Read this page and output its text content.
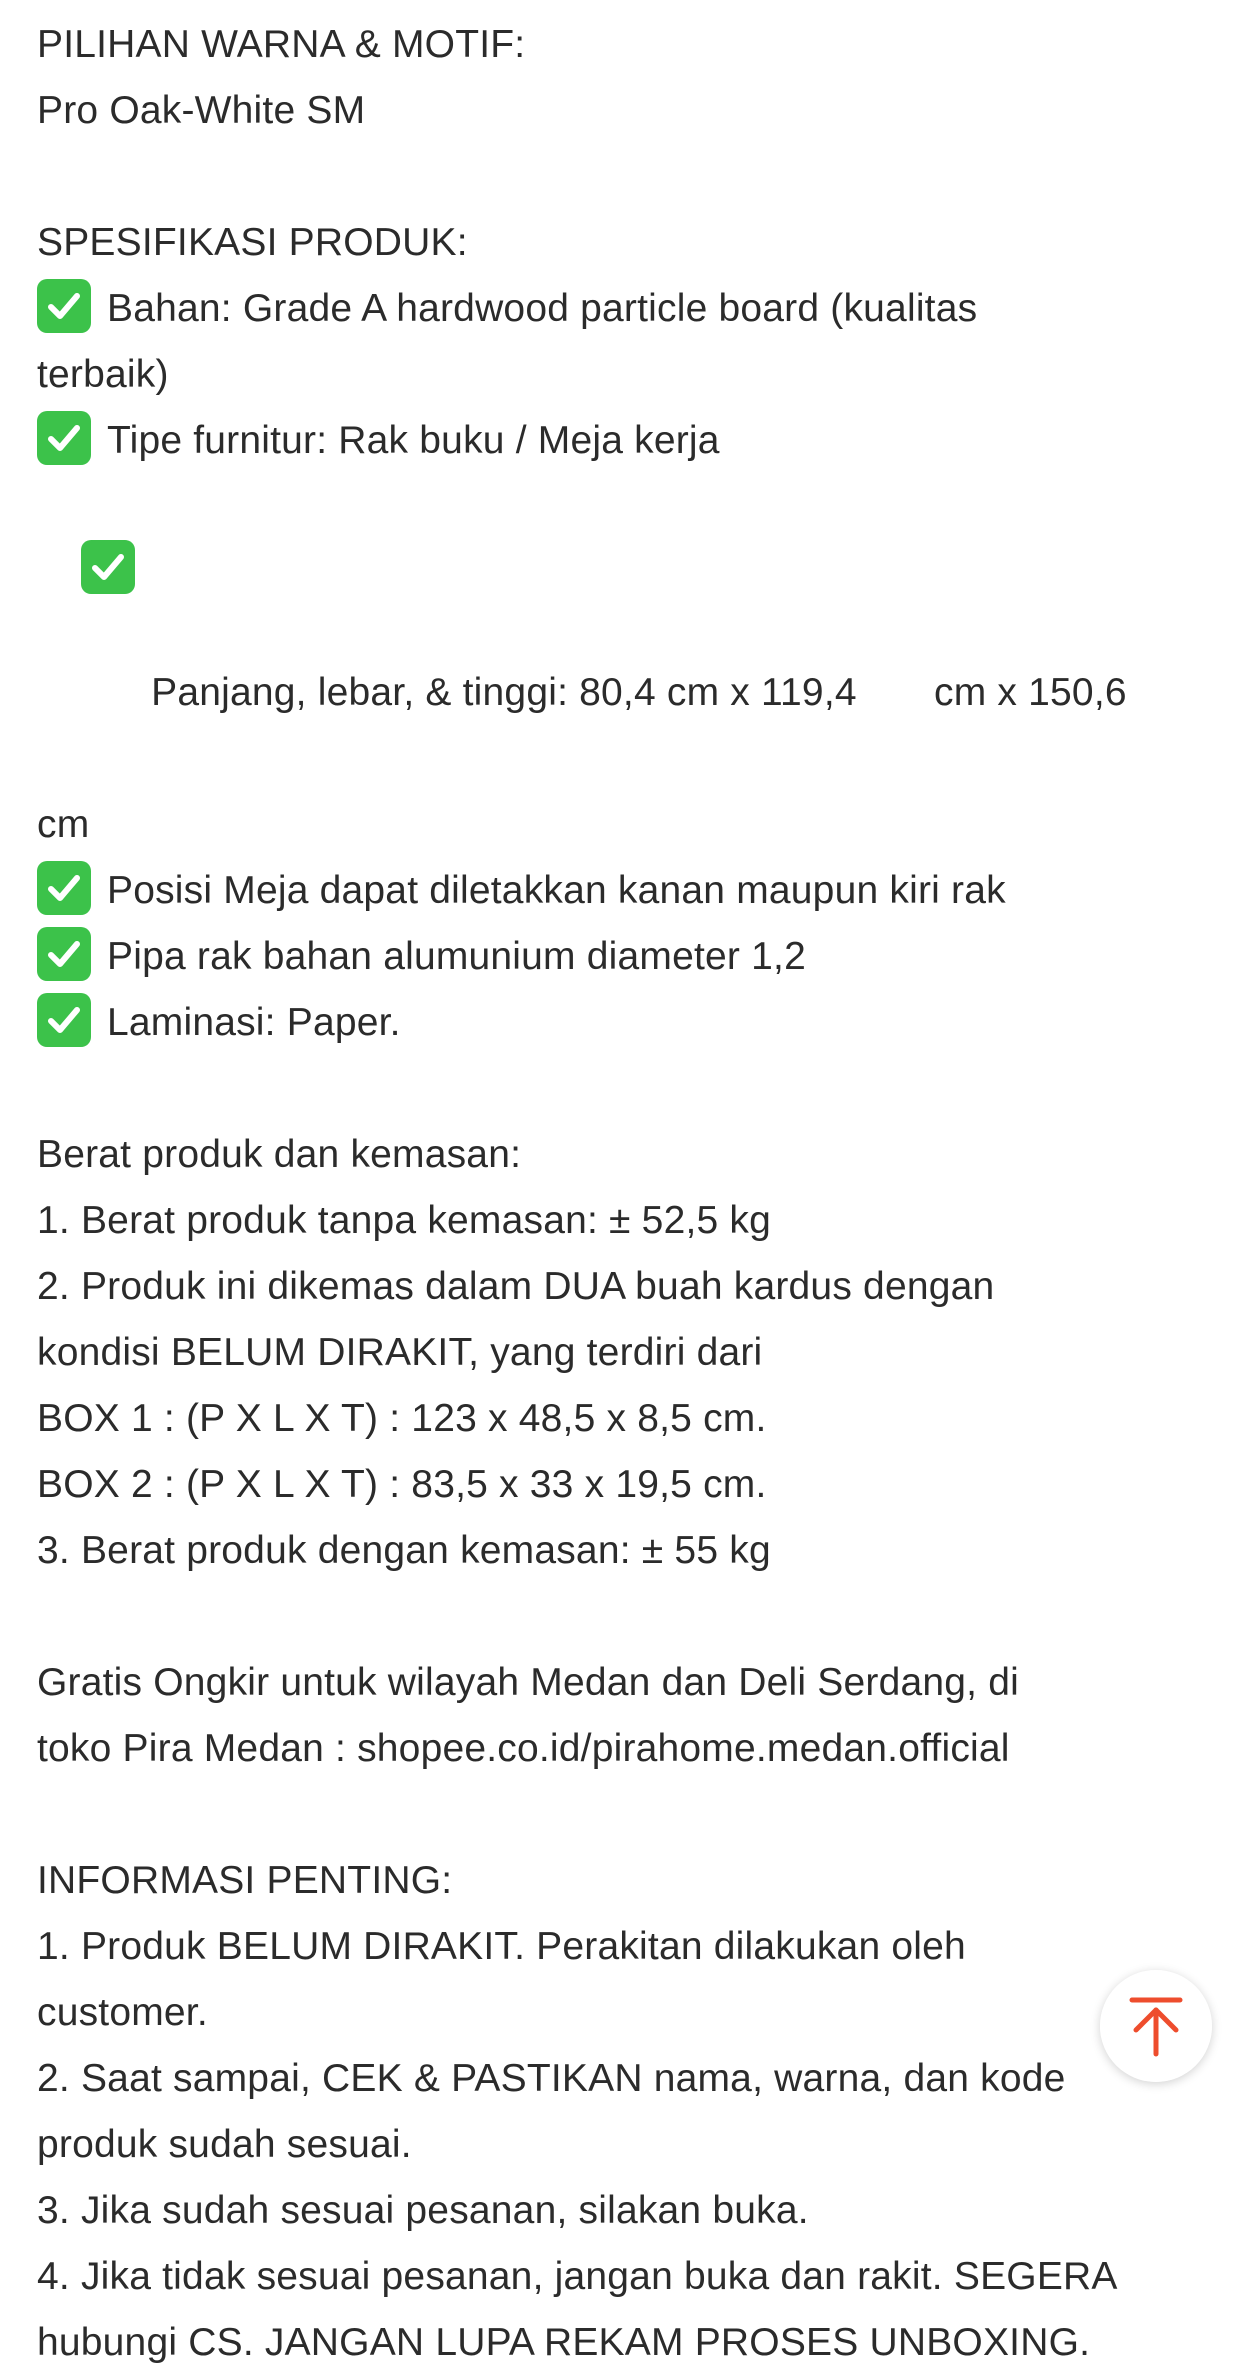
PILIHAN WARNA & MOTIF:
Pro Oak-White SM
SPESIFIKASI PRODUK:
Bahan: Grade A hardwood particle board (kualitas
terbaik)
Tipe furnitur: Rak buku / Meja kerja

Panjang, lebar, & tinggi: 80,4 cm x 119,4       cm x 150,6

cm
Posisi Meja dapat diletakkan kanan maupun kiri rak
Pipa rak bahan alumunium diameter 1,2
Laminasi: Paper.
Berat produk dan kemasan:
1. Berat produk tanpa kemasan: ± 52,5 kg
2. Produk ini dikemas dalam DUA buah kardus dengan
kondisi BELUM DIRAKIT, yang terdiri dari
BOX 1 : (P X L X T) : 123 x 48,5 x 8,5 cm.
BOX 2 : (P X L X T) : 83,5 x 33 x 19,5 cm.
3. Berat produk dengan kemasan: ± 55 kg
Gratis Ongkir untuk wilayah Medan dan Deli Serdang, di
toko Pira Medan : shopee.co.id/pirahome.medan.official
INFORMASI PENTING:
1. Produk BELUM DIRAKIT. Perakitan dilakukan oleh
customer.
2. Saat sampai, CEK & PASTIKAN nama, warna, dan kode
produk sudah sesuai.
3. Jika sudah sesuai pesanan, silakan buka.
4. Jika tidak sesuai pesanan, jangan buka dan rakit. SEGERA
hubungi CS. JANGAN LUPA REKAM PROSES UNBOXING.
